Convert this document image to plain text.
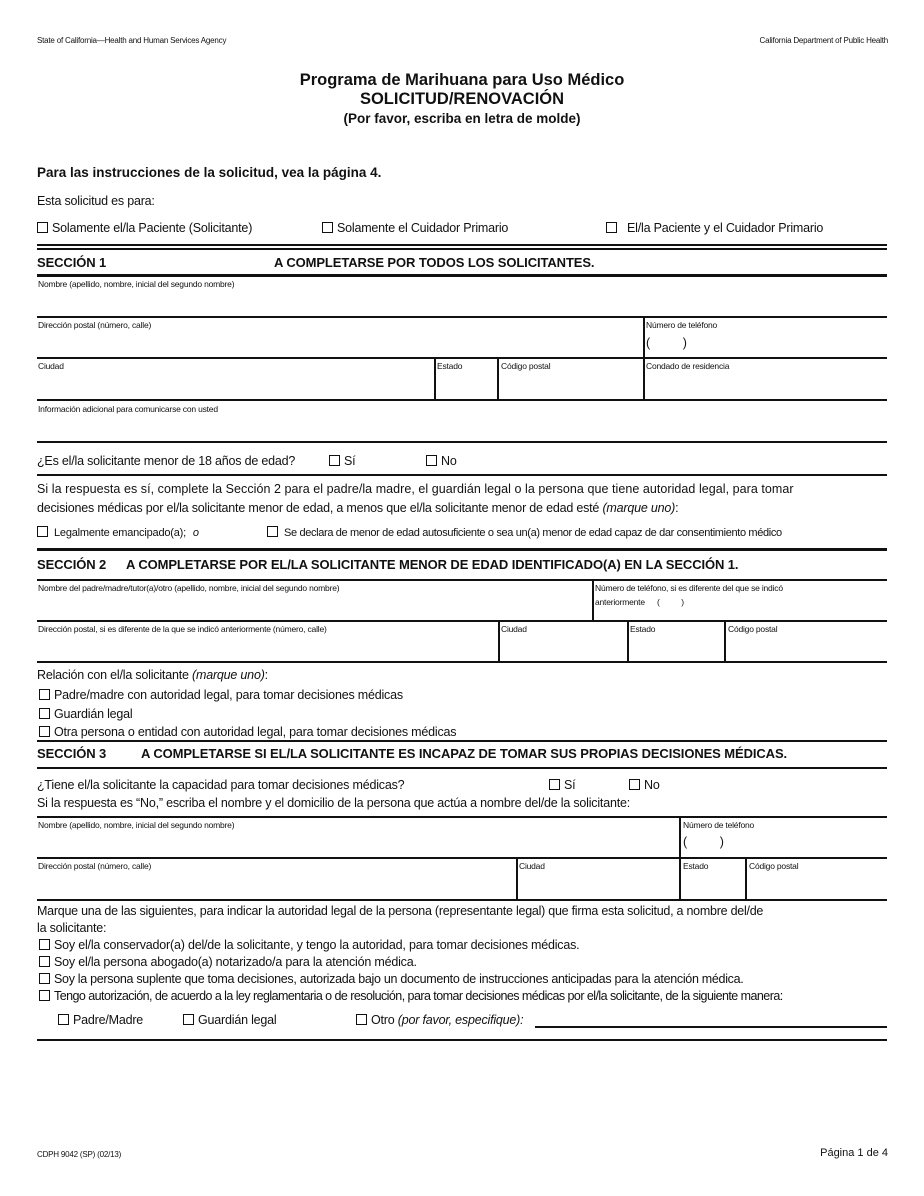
State of California—Health and Human Services Agency	California Department of Public Health
Programa de Marihuana para Uso Médico
SOLICITUD/RENOVACIÓN
(Por favor, escriba en letra de molde)
Para las instrucciones de la solicitud, vea la página 4.
Esta solicitud es para:
Solamente el/la Paciente (Solicitante)	Solamente el Cuidador Primario	El/la Paciente y el Cuidador Primario
SECCIÓN 1	A COMPLETARSE POR TODOS LOS SOLICITANTES.
Nombre (apellido, nombre, inicial del segundo nombre)
Dirección postal (número, calle)	Número de teléfono
(          )
Ciudad	Estado	Código postal	Condado de residencia
Información adicional para comunicarse con usted
¿Es el/la solicitante menor de 18 años de edad?	Sí	No
Si la respuesta es sí, complete la Sección 2 para el padre/la madre, el guardián legal o la persona que tiene autoridad legal, para tomar
decisiones médicas por el/la solicitante menor de edad, a menos que el/la solicitante menor de edad esté (marque uno):
Legalmente emancipado(a); o	Se declara de menor de edad autosuficiente o sea un(a) menor de edad capaz de dar consentimiento médico
SECCIÓN 2 A COMPLETARSE POR EL/LA SOLICITANTE MENOR DE EDAD IDENTIFICADO(A) EN LA SECCIÓN 1.
Nombre del padre/madre/tutor(a)/otro (apellido, nombre, inicial del segundo nombre)	Número de teléfono, si es diferente del que se indicó
anteriormente (          )
Dirección postal, si es diferente de la que se indicó anteriormente (número, calle)	Ciudad	Estado	Código postal
Relación con el/la solicitante (marque uno):
Padre/madre con autoridad legal, para tomar decisiones médicas
Guardián legal
Otra persona o entidad con autoridad legal, para tomar decisiones médicas
SECCIÓN 3	A COMPLETARSE SI EL/LA SOLICITANTE ES INCAPAZ DE TOMAR SUS PROPIAS DECISIONES MÉDICAS.
¿Tiene el/la solicitante la capacidad para tomar decisiones médicas?	Sí	No
Si la respuesta es “No,” escriba el nombre y el domicilio de la persona que actúa a nombre del/de la solicitante:
Nombre (apellido, nombre, inicial del segundo nombre)	Número de teléfono
(          )
Dirección postal (número, calle)	Ciudad	Estado	Código postal
Marque una de las siguientes, para indicar la autoridad legal de la persona (representante legal) que firma esta solicitud, a nombre del/de
la solicitante:
Soy el/la conservador(a) del/de la solicitante, y tengo la autoridad, para tomar decisiones médicas.
Soy el/la persona abogado(a) notarizado/a para la atención médica.
Soy la persona suplente que toma decisiones, autorizada bajo un documento de instrucciones anticipadas para la atención médica.
Tengo autorización, de acuerdo a la ley reglamentaria o de resolución, para tomar decisiones médicas por el/la solicitante, de la siguiente manera:
Padre/Madre	Guardián legal	Otro (por favor, especifique):
CDPH 9042 (SP) (02/13)	Página 1 de 4
